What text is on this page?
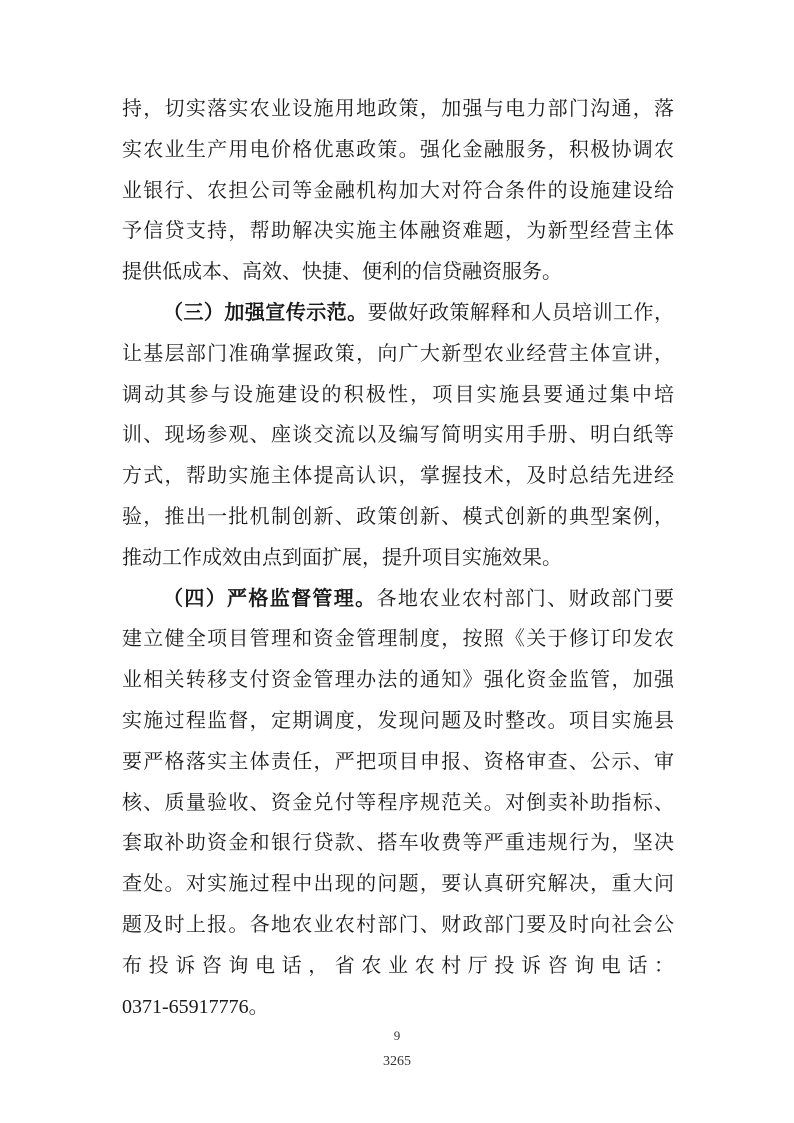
持，切实落实农业设施用地政策，加强与电力部门沟通，落
实农业生产用电价格优惠政策。强化金融服务，积极协调农
业银行、农担公司等金融机构加大对符合条件的设施建设给
予信贷支持，帮助解决实施主体融资难题，为新型经营主体
提供低成本、高效、快捷、便利的信贷融资服务。
（三）加强宣传示范。要做好政策解释和人员培训工作，
让基层部门准确掌握政策，向广大新型农业经营主体宣讲，
调动其参与设施建设的积极性，项目实施县要通过集中培
训、现场参观、座谈交流以及编写简明实用手册、明白纸等
方式，帮助实施主体提高认识，掌握技术，及时总结先进经
验，推出一批机制创新、政策创新、模式创新的典型案例，
推动工作成效由点到面扩展，提升项目实施效果。
（四）严格监督管理。各地农业农村部门、财政部门要
建立健全项目管理和资金管理制度，按照《关于修订印发农
业相关转移支付资金管理办法的通知》强化资金监管，加强
实施过程监督，定期调度，发现问题及时整改。项目实施县
要严格落实主体责任，严把项目申报、资格审查、公示、审
核、质量验收、资金兑付等程序规范关。对倒卖补助指标、
套取补助资金和银行贷款、搭车收费等严重违规行为，坚决
查处。对实施过程中出现的问题，要认真研究解决，重大问
题及时上报。各地农业农村部门、财政部门要及时向社会公
布投诉咨询电话，省农业农村厅投诉咨询电话：
0371-65917776。
9
3265
